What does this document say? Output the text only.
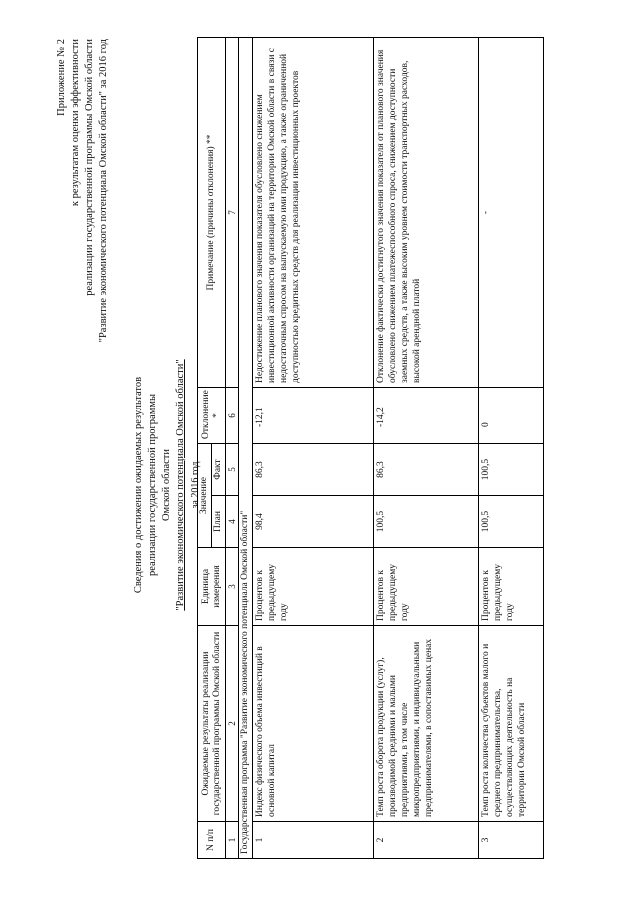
Приложение № 2 к результатам оценки эффективности реализации государственной программы Омской области "Развитие экономического потенциала Омской области" за 2016 год
Сведения о достижении ожидаемых результатов реализации государственной программы Омской области "Развитие экономического потенциала Омской области" за 2016 год
N п/п	Ожидаемые результаты реализации государственной программы Омской области	Единица измерения	Значение		Отклонение *	Примечание (причины отклонения) **
			План	Факт		
1	2	3	4	5	6	7
Государственная программа "Развитие экономического потенциала Омской области"						
1	Индекс физического объема инвестиций в основной капитал	Процентов к предыдущему году	98,4	86,3	-12,1	Недостижение планового значения показателя обусловлено снижением инвестиционной активности организаций на территории Омской области в связи с недостаточным спросом на выпускаемую ими продукцию, а также ограниченной доступностью кредитных средств для реализации инвестиционных проектов
2	Темп роста оборота продукции (услуг), производимой средними и малыми предприятиями, в том числе микропредприятиями, и индивидуальными предпринимателями, в сопоставимых ценах	Процентов к предыдущему году	100,5	86,3	-14,2	Отклонение фактически достигнутого значения показателя от планового значения обусловлено снижением платежеспособного спроса, снижением доступности заемных средств, а также высоким уровнем стоимости транспортных расходов, высокой арендной платой
3	Темп роста количества субъектов малого и среднего предпринимательства, осуществляющих деятельность на территории Омской области	Процентов к предыдущему году	100,5	100,5	0	-
